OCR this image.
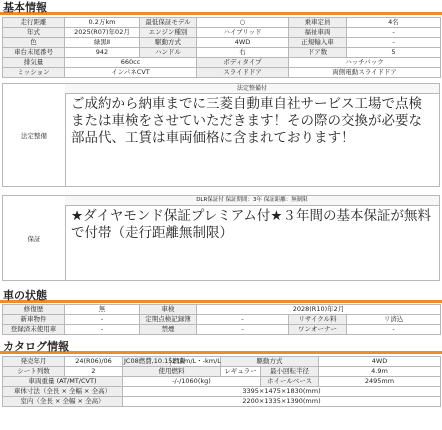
基本情報
走行距離	0.2万km	最低保証モデル	○	乗車定員	4名
年式	2025(R07)年02月	エンジン種別	ハイブリッド	福祉車両	-
色	緑黒Ⅱ	駆動方式	4WD	正規輸入車	-
車台末尾番号	942	ハンドル	右	ドア数	5
排気量	660cc		ボディタイプ	ハッチバック	
ミッション	インパネCVT		スライドドア	両側電動スライドドア	
法定整備
法定整備付
ご成約から納車までに三菱自動車自社サービス工場で点検または車検をさせていただきます！その際の交換が必要な部品代、工賃は車両価格に含まれております！
保証
DLR保証付 保証期間：3年 保証距離：無制限
★ダイヤモンド保証プレミアム付★３年間の基本保証が無料で付帯（走行距離無制限）
車の状態
修復歴	無	車検	2028(R10)年2月		
新車物件	-	定期点検記録簿	-	リサイクル料	リ済込
登録済未使用車	-	禁煙	-	ワンオーナー	-
カタログ情報
発売年月	24(R06)/06	JC08燃費,10.15燃費	21km/L・-km/L	駆動方式		4WD
シート列数	2	使用燃料		レギュラー	最小回転半径	4.9m
車両重量 (AT/MT/CVT)		-/-/1060(kg)			ホイールベース	2495mm
車体寸法（全長 × 全幅 × 全高）		3395×1475×1830(mm)				
室内（全長 × 全幅 × 全高）		2200×1335×1390(mm)				
